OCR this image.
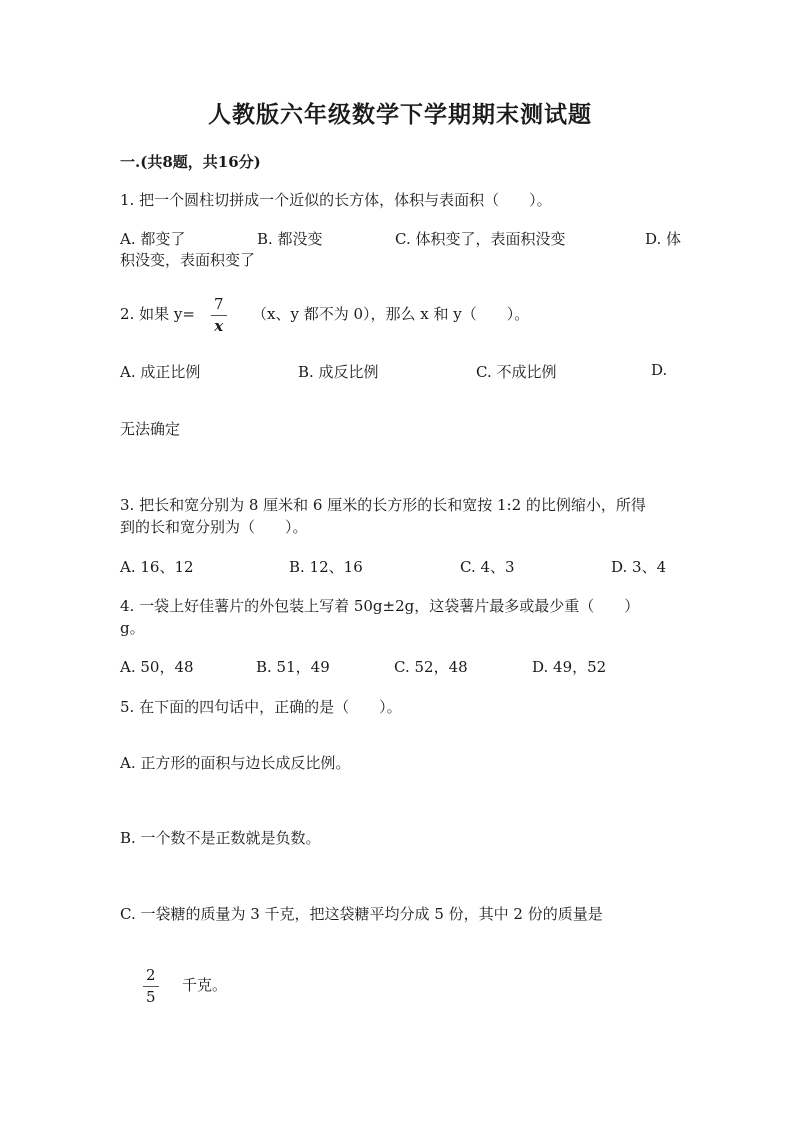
人教版六年级数学下学期期末测试题
一.(共8题，共16分)
1. 把一个圆柱切拼成一个近似的长方体，体积与表面积（　　）。
A. 都变了	B. 都没变	C. 体积变了，表面积没变	D. 体
积没变，表面积变了
2. 如果 y=
7
x
（x、y 都不为 0），那么 x 和 y（　　）。
A. 成正比例	B. 成反比例	C. 不成比例	D.
无法确定
3. 把长和宽分别为 8 厘米和 6 厘米的长方形的长和宽按 1:2 的比例缩小，所得
到的长和宽分别为（　　）。
A. 16、12	B. 12、16	C. 4、3	D. 3、4
4. 一袋上好佳薯片的外包装上写着 50g±2g，这袋薯片最多或最少重（　　）
g。
A. 50，48	B. 51，49	C. 52，48	D. 49，52
5. 在下面的四句话中，正确的是（　　）。
A. 正方形的面积与边长成反比例。
B. 一个数不是正数就是负数。
C. 一袋糖的质量为 3 千克，把这袋糖平均分成 5 份，其中 2 份的质量是
2
5
千克。
